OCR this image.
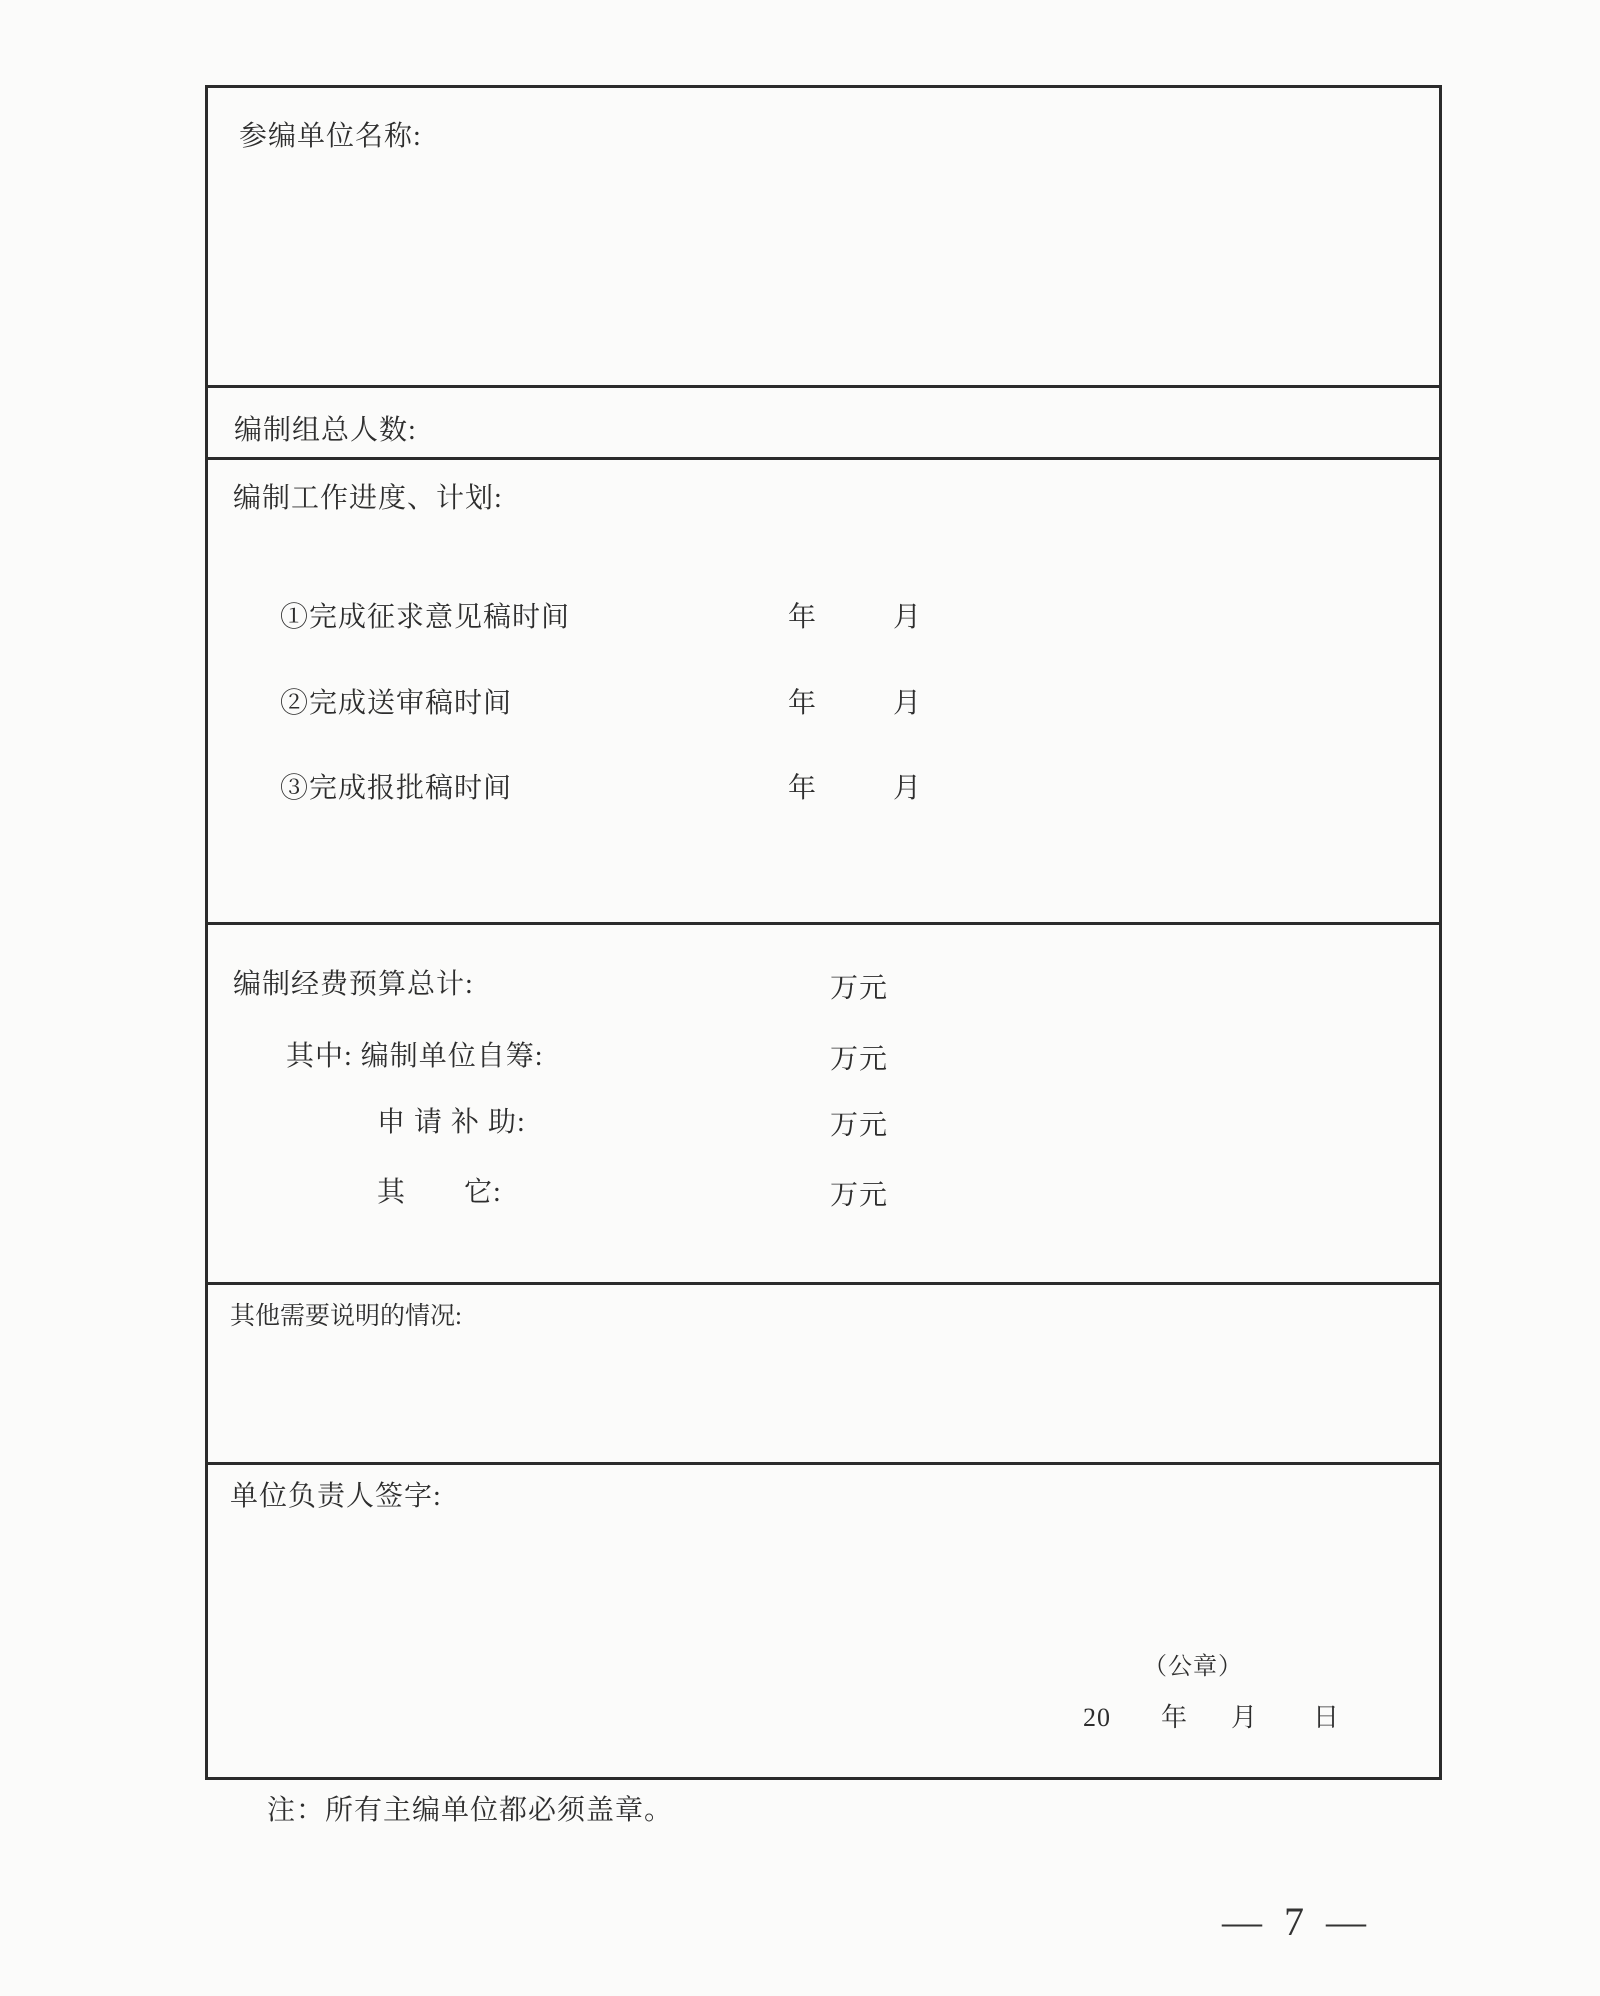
参编单位名称:
编制组总人数:
编制工作进度、计划:
①完成征求意见稿时间	年	月
②完成送审稿时间	年	月
③完成报批稿时间	年	月
编制经费预算总计:	万元
其中: 编制单位自筹:	万元
申 请 补 助:	万元
其　　它:	万元
其他需要说明的情况:
单位负责人签字:
（公章）
20 年 月 日
注：所有主编单位都必须盖章。
— 7 —
